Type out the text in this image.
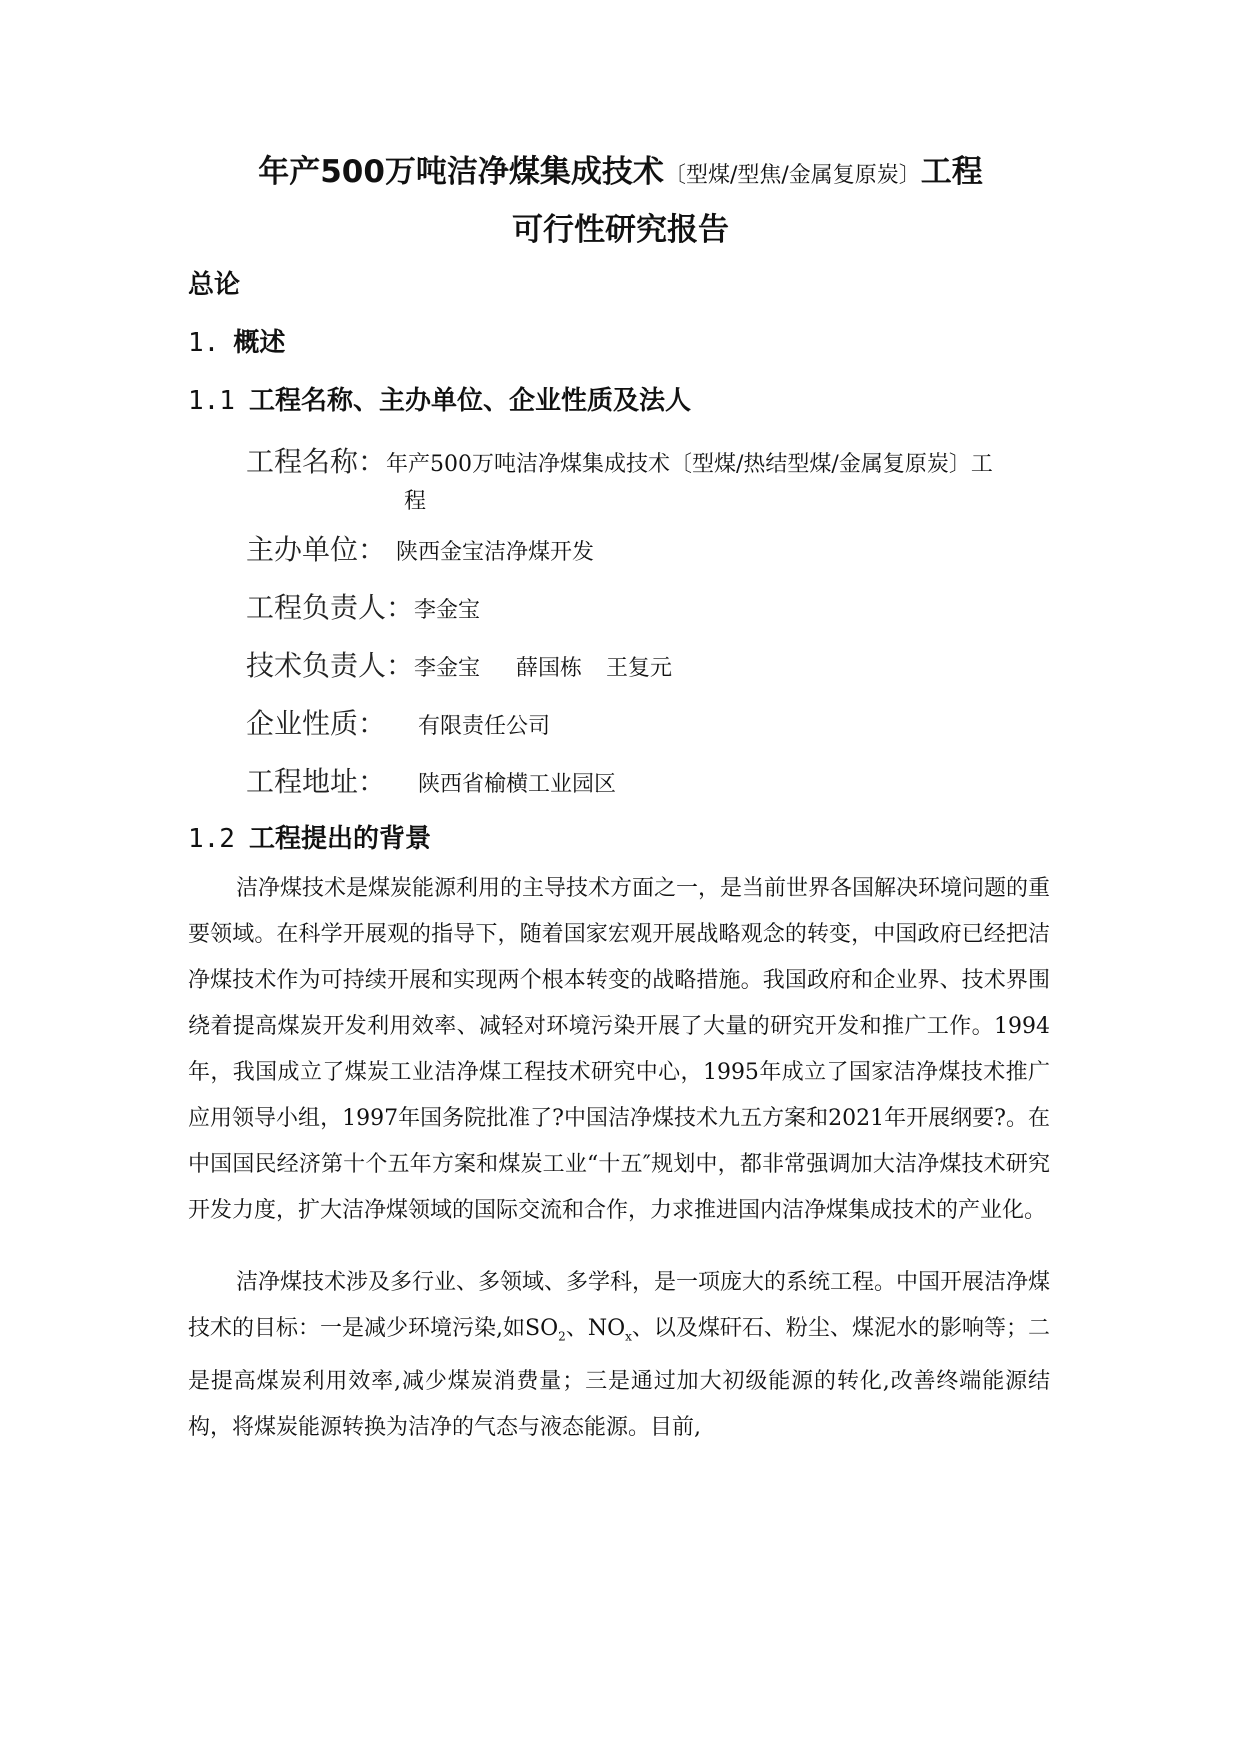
年产500万吨洁净煤集成技术〔型煤/型焦/金属复原炭〕工程
可行性研究报告
总论
1. 概述
1.1 工程名称、主办单位、企业性质及法人
工程名称：年产500万吨洁净煤集成技术〔型煤/热结型煤/金属复原炭〕工
程
主办单位： 陕西金宝洁净煤开发
工程负责人：李金宝
技术负责人：李金宝 薛国栋 王复元
企业性质： 有限责任公司
工程地址： 陕西省榆横工业园区
1.2 工程提出的背景

洁净煤技术是煤炭能源利用的主导技术方面之一，是当前世界各国解决环境问题的重要领域。在科学开展观的指导下，随着国家宏观开展战略观念的转变，中国政府已经把洁净煤技术作为可持续开展和实现两个根本转变的战略措施。我国政府和企业界、技术界围绕着提高煤炭开发利用效率、减轻对环境污染开展了大量的研究开发和推广工作。1994年，我国成立了煤炭工业洁净煤工程技术研究中心，1995年成立了国家洁净煤技术推广应用领导小组，1997年国务院批准了?中国洁净煤技术九五方案和2021年开展纲要?。在中国国民经济第十个五年方案和煤炭工业“十五″规划中，都非常强调加大洁净煤技术研究开发力度，扩大洁净煤领域的国际交流和合作，力求推进国内洁净煤集成技术的产业化。

洁净煤技术涉及多行业、多领域、多学科，是一项庞大的系统工程。中国开展洁净煤技术的目标：一是减少环境污染,如$SO_2$、$NO_x$、以及煤矸石、粉尘、煤泥水的影响等；二是提高煤炭利用效率,减少煤炭消费量；三是通过加大初级能源的转化,改善终端能源结构，将煤炭能源转换为洁净的气态与液态能源。目前,
